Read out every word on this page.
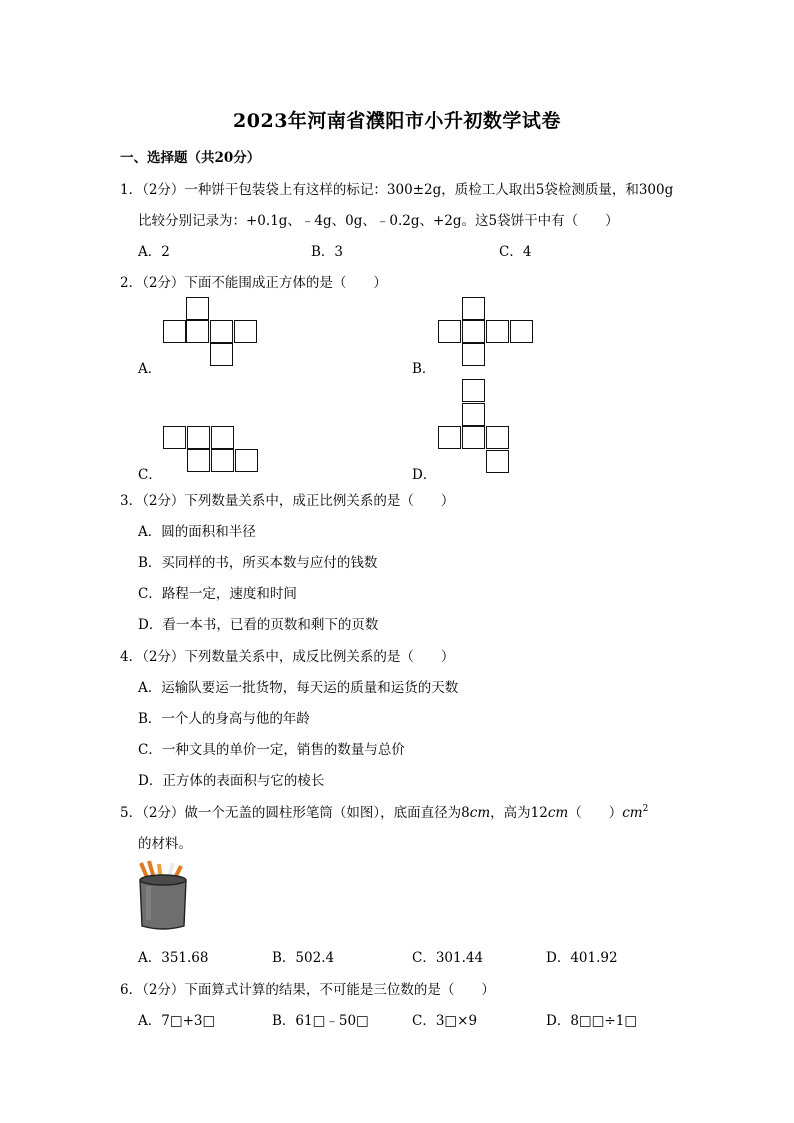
2023年河南省濮阳市小升初数学试卷
一、选择题（共20分）
1．（2分）一种饼干包装袋上有这样的标记：300±2g，质检工人取出5袋检测质量，和300g
比较分别记录为：+0.1g、﹣4g、0g、﹣0.2g、+2g。这5袋饼干中有（　　）
A．2	B．3	C．4
2．（2分）下面不能围成正方体的是（　　）
A．	B．
C．	D．
3．（2分）下列数量关系中，成正比例关系的是（　　）
A．圆的面积和半径
B．买同样的书，所买本数与应付的钱数
C．路程一定，速度和时间
D．看一本书，已看的页数和剩下的页数
4．（2分）下列数量关系中，成反比例关系的是（　　）
A．运输队要运一批货物，每天运的质量和运货的天数
B．一个人的身高与他的年龄
C．一种文具的单价一定，销售的数量与总价
D．正方体的表面积与它的棱长
5．（2分）做一个无盖的圆柱形笔筒（如图），底面直径为8cm，高为12cm（　　）$cm^2$
的材料。
A．351.68	B．502.4	C．301.44	D．401.92
6．（2分）下面算式计算的结果，不可能是三位数的是（　　）
A．7□+3□	B．61□﹣50□	C．3□×9	D．8□□÷1□
